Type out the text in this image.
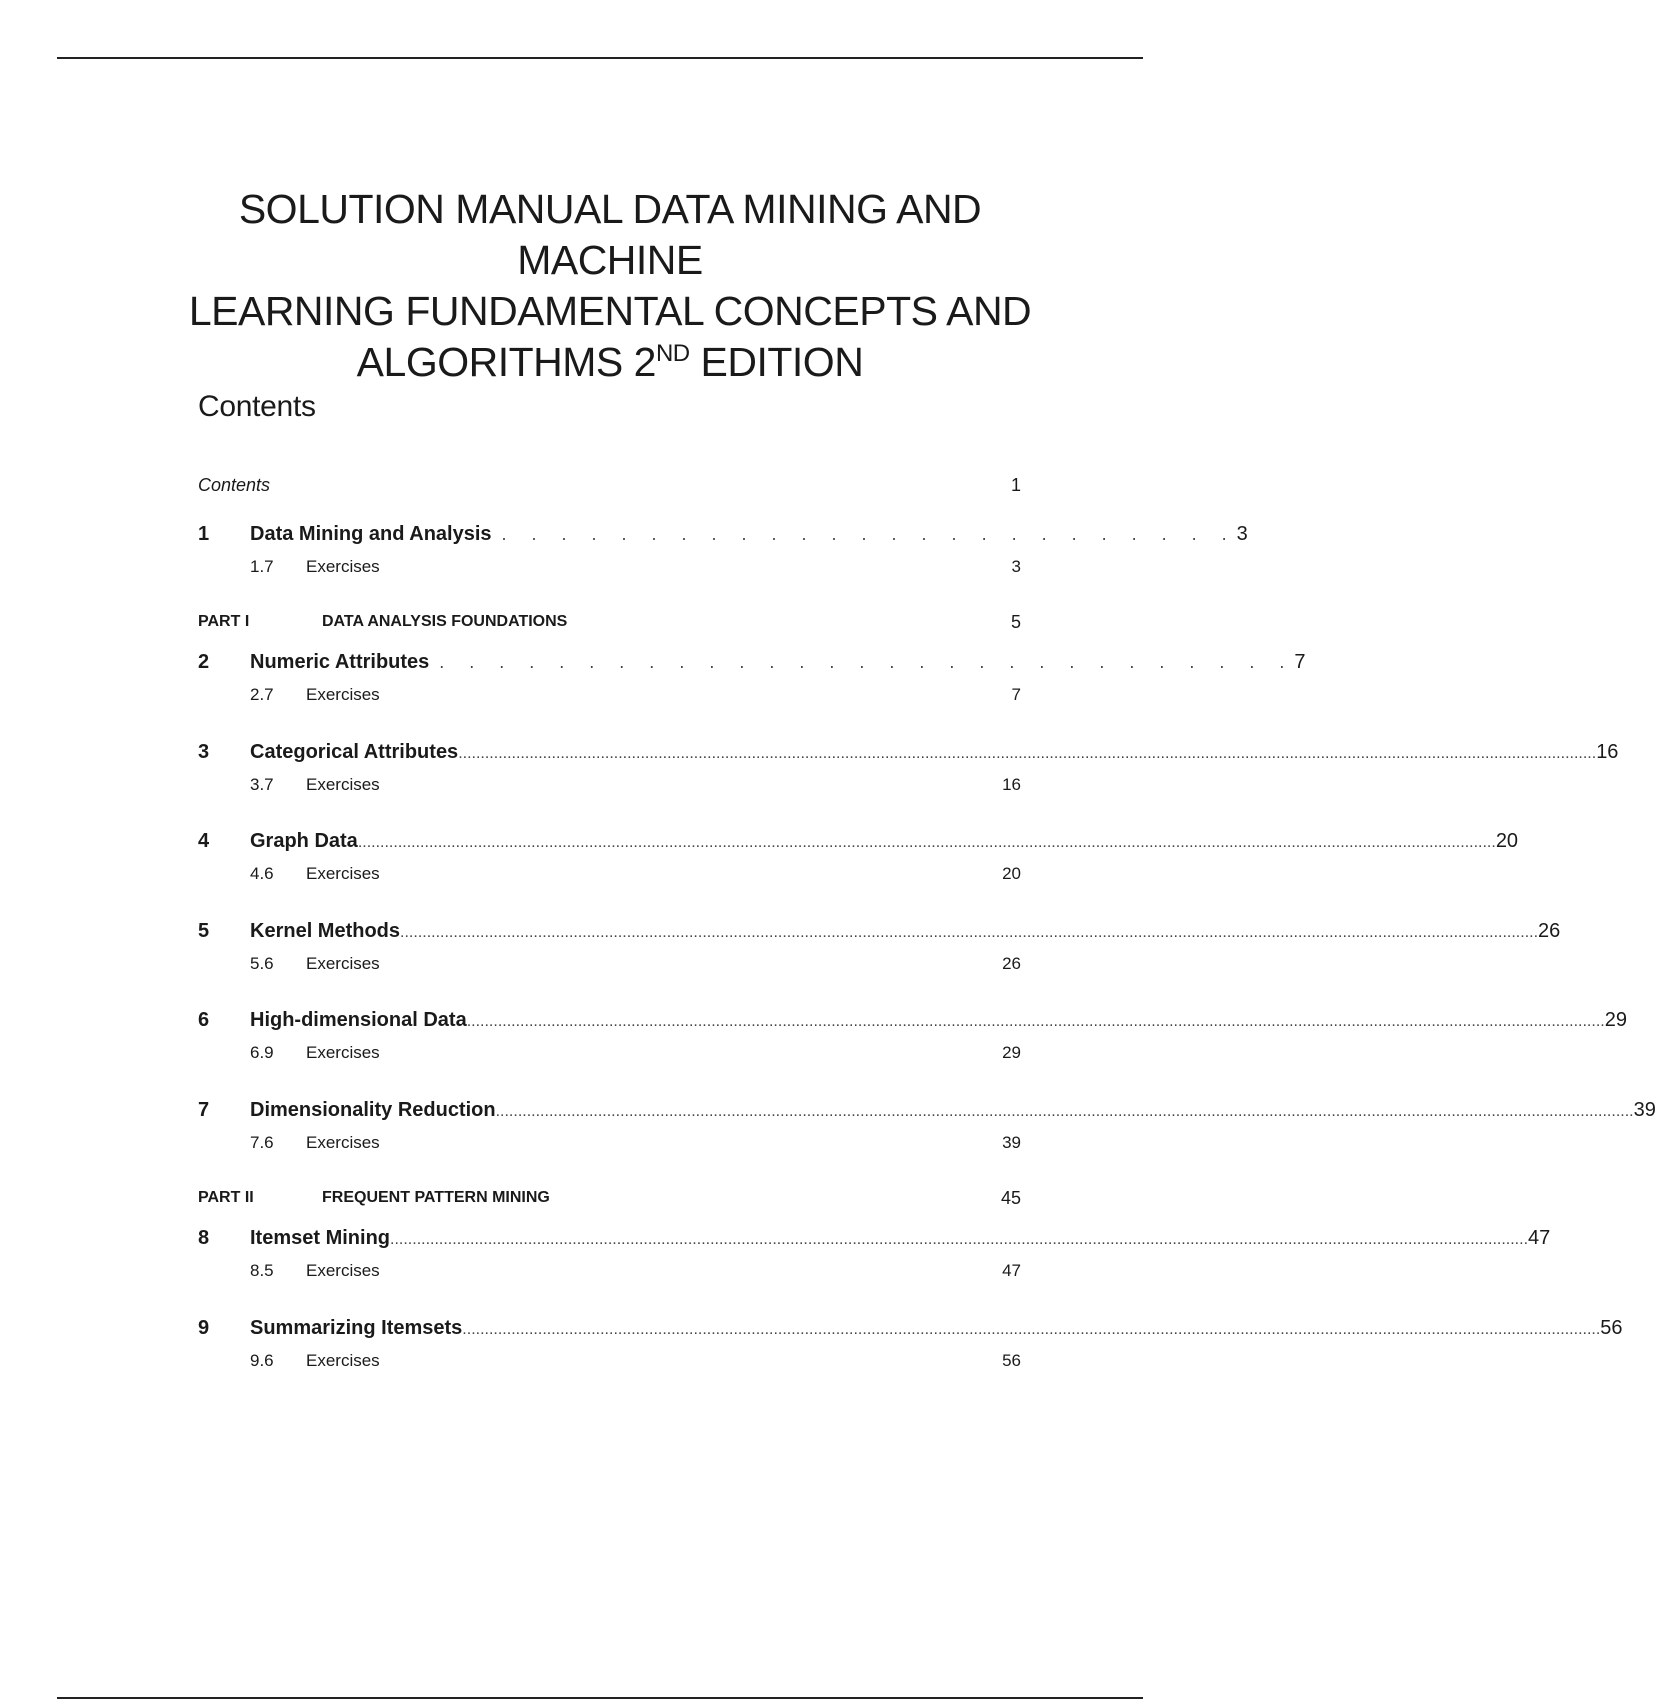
SOLUTION MANUAL DATA MINING AND MACHINE
LEARNING FUNDAMENTAL CONCEPTS AND
ALGORITHMS 2ND EDITION
Contents
Contents	1
1 Data Mining and Analysis . . . . . . . . . . . . . . . . . . . . . . . . . 3
1.7 Exercises	3
PART I	DATA ANALYSIS FOUNDATIONS	5
2 Numeric Attributes . . . . . . . . . . . . . . . . . . . . . . . . . . . . . 7
2.7 Exercises	7
3 Categorical Attributes .....	16
3.7 Exercises	16
4 Graph Data .....	20
4.6 Exercises	20
5 Kernel Methods .....	26
5.6 Exercises	26
6 High-dimensional Data .....	29
6.9 Exercises	29
7 Dimensionality Reduction .....	39
7.6 Exercises	39
PART II	FREQUENT PATTERN MINING	45
8 Itemset Mining .....	47
8.5 Exercises	47
9 Summarizing Itemsets .....	56
9.6 Exercises	56
